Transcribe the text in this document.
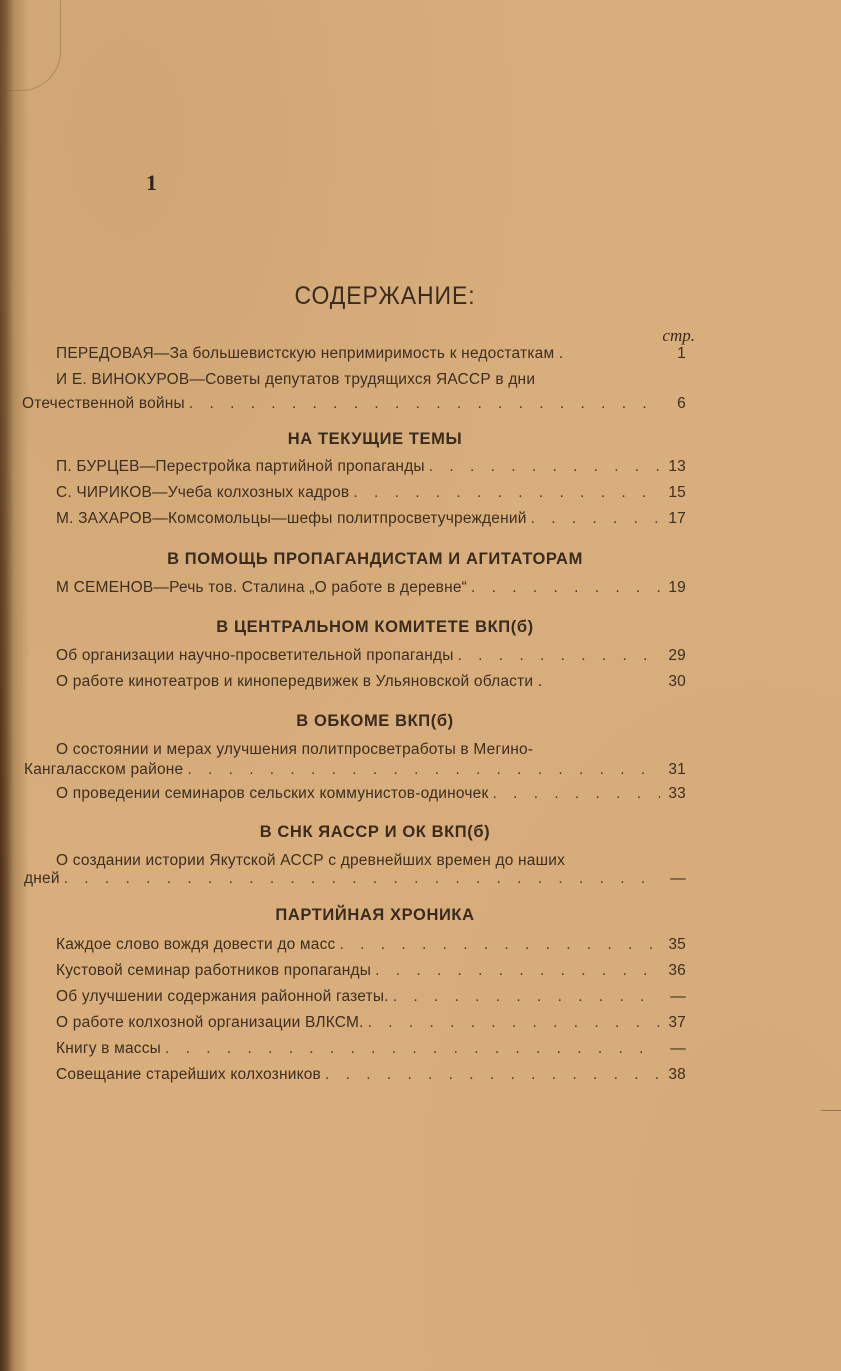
1
СОДЕРЖАНИЕ:
стр.
ПЕРЕДОВАЯ—За большевистскую непримиримость к недостаткам .	1
И Е. ВИНОКУРОВ—Советы депутатов трудящихся ЯАССР в дни
Отечественной войны . . .	6
НА ТЕКУЩИЕ ТЕМЫ
П. БУРЦЕВ—Перестройка партийной пропаганды . . .	13
С. ЧИРИКОВ—Учеба колхозных кадров . . .	15
М. ЗАХАРОВ—Комсомольцы—шефы политпросветучреждений . . .	17
В ПОМОЩЬ ПРОПАГАНДИСТАМ И АГИТАТОРАМ
М СЕМЕНОВ—Речь тов. Сталина „О работе в деревне“ . . .	19
В ЦЕНТРАЛЬНОМ КОМИТЕТЕ ВКП(б)
Об организации научно-просветительной пропаганды . . .	29
О работе кинотеатров и кинопередвижек в Ульяновской области .	30
В ОБКОМЕ ВКП(б)
О состоянии и мерах улучшения политпросветработы в Мегино-
Кангаласском районе . . .	31
О проведении семинаров сельских коммунистов-одиночек . . .	33
В СНК ЯАССР И ОК ВКП(б)
О создании истории Якутской АССР с древнейших времен до наших
дней . . .	—
ПАРТИЙНАЯ ХРОНИКА
Каждое слово вождя довести до масс . . .	35
Кустовой семинар работников пропаганды . . .	36
Об улучшении содержания районной газеты. . . .	—
О работе колхозной организации ВЛКСМ. . . .	37
Книгу в массы . . .	—
Совещание старейших колхозников . . .	38
